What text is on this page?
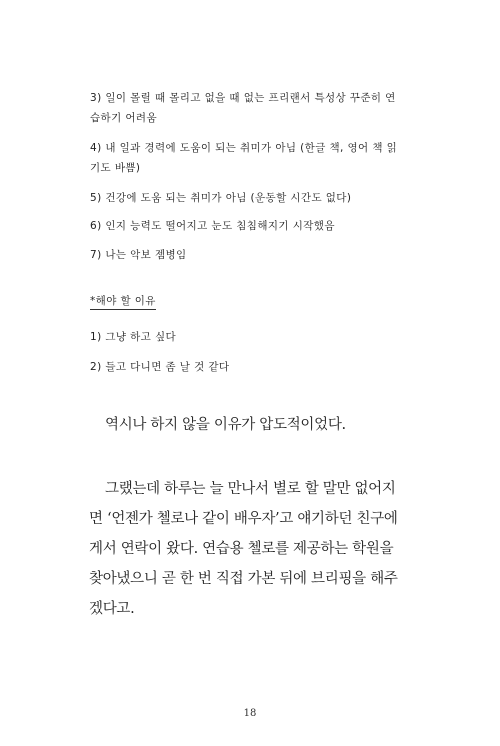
3) 일이 몰릴 때 몰리고 없을 때 없는 프리랜서 특성상 꾸준히 연
습하기 어려움
4) 내 일과 경력에 도움이 되는 취미가 아님 (한글 책, 영어 책 읽
기도 바쁨)
5) 건강에 도움 되는 취미가 아님 (운동할 시간도 없다)
6) 인지 능력도 떨어지고 눈도 침침해지기 시작했음
7) 나는 악보 젬병임
*해야 할 이유
1) 그냥 하고 싶다
2) 들고 다니면 좀 날 것 같다
역시나 하지 않을 이유가 압도적이었다.
그랬는데 하루는 늘 만나서 별로 할 말만 없어지
면 ‘언젠가 첼로나 같이 배우자’고 얘기하던 친구에
게서 연락이 왔다. 연습용 첼로를 제공하는 학원을
찾아냈으니 곧 한 번 직접 가본 뒤에 브리핑을 해주
겠다고.
18
